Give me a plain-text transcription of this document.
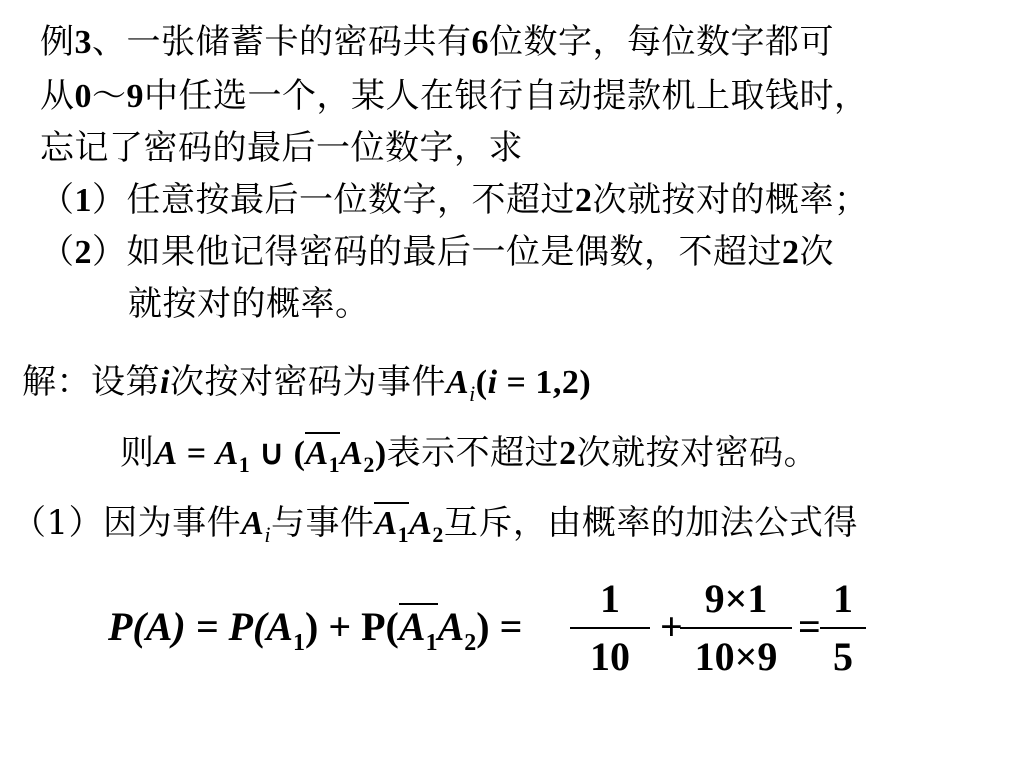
例3、一张储蓄卡的密码共有6位数字，每位数字都可
从0～9中任选一个，某人在银行自动提款机上取钱时，
忘记了密码的最后一位数字，求
（1）任意按最后一位数字，不超过2次就按对的概率；
（2）如果他记得密码的最后一位是偶数，不超过2次
就按对的概率。
解：设第i次按对密码为事件$A_i(i = 1,2)$
则$A = A_1$ ∪ $(A_1A_2)$表示不超过2次就按对密码。
（1）因为事件$A_i$与事件$A_1A_2$互斥，由概率的加法公式得
$P(A) = P(A_1) + P(A_1A_2)$ =
1
10
+
9×1
10×9
=
1
5
